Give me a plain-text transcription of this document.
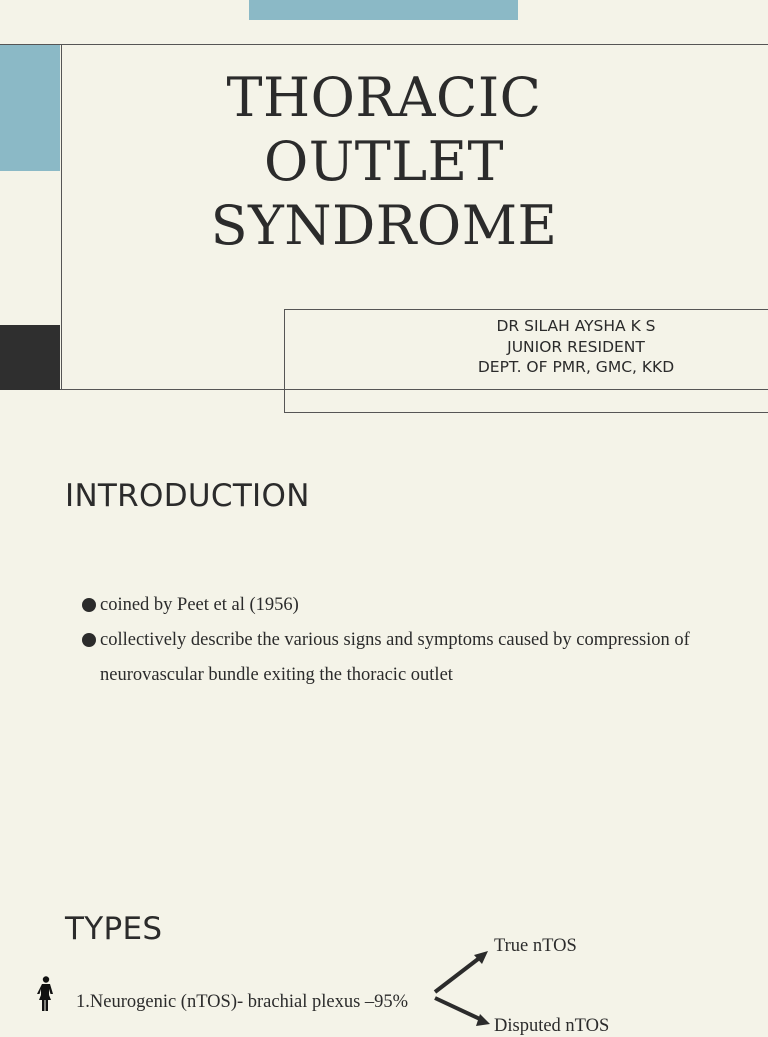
THORACIC
OUTLET
SYNDROME
DR SILAH AYSHA K S
JUNIOR RESIDENT
DEPT. OF PMR, GMC, KKD
INTRODUCTION
coined by Peet et al (1956)
collectively describe the various signs and symptoms caused by compression of neurovascular bundle exiting the thoracic outlet
TYPES
1.Neurogenic (nTOS)- brachial plexus –95%
True nTOS
Disputed nTOS
